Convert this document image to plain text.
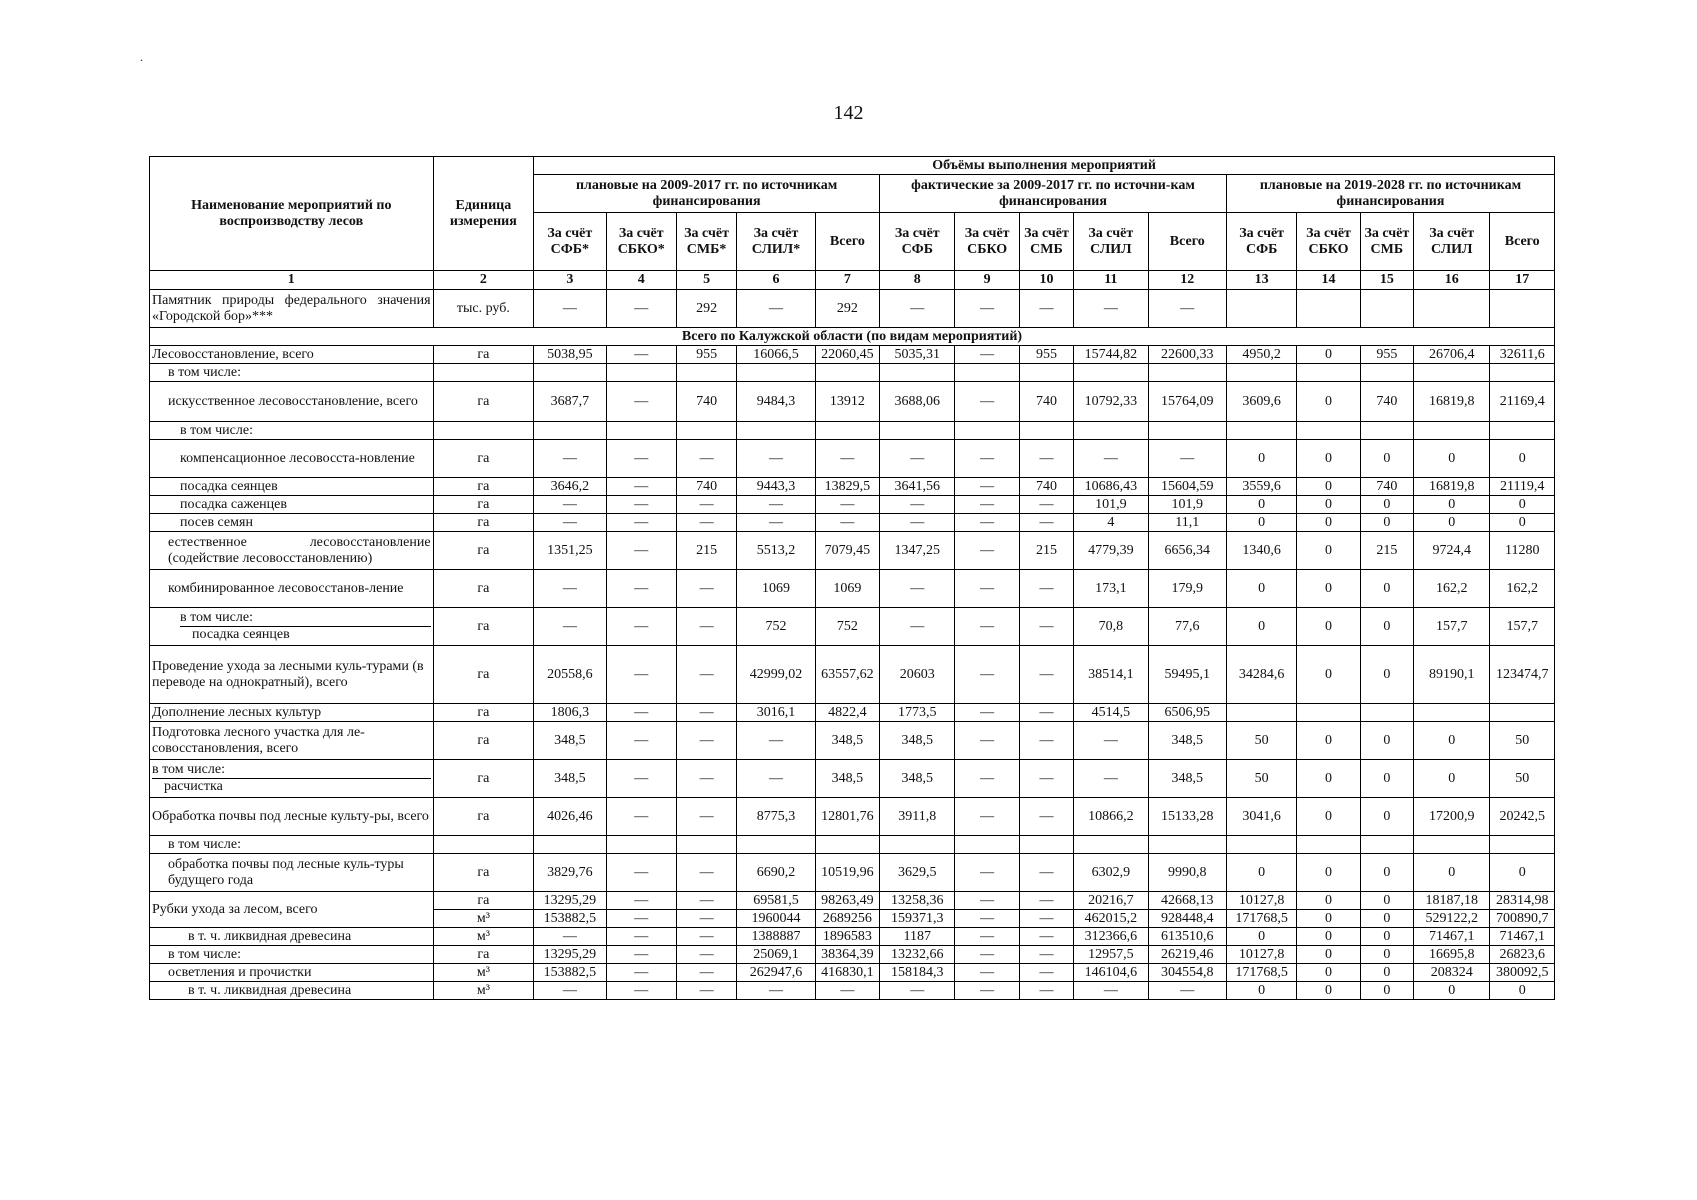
.
142
Наименование мероприятий по воспроизводству лесов	Единица измерения	Объёмы выполнения мероприятий														
		плановые на 2009-2017 гг. по источникам финансирования					фактические за 2009-2017 гг. по источни-кам финансирования					плановые на 2019-2028 гг. по источникам финансирования				
		За счёт СФБ*	За счёт СБКО*	За счёт СМБ*	За счёт СЛИЛ*	Всего	За счёт СФБ	За счёт СБКО	За счёт СМБ	За счёт СЛИЛ	Всего	За счёт СФБ	За счёт СБКО	За счёт СМБ	За счёт СЛИЛ	Всего
1	2	3	4	5	6	7	8	9	10	11	12	13	14	15	16	17
Памятник природы федерального значения «Городской бор»***	тыс. руб.	—	—	292	—	292	—	—	—	—	—					
Всего по Калужской области (по видам мероприятий)																

Лесовосстановление, всего	га	5038,95	—	955	16066,5	22060,45	5035,31	—	955	15744,82	22600,33	4950,2	0	955	26706,4	32611,6

в том числе:																

искусственное лесовосстановление, всего	га	3687,7	—	740	9484,3	13912	3688,06	—	740	10792,33	15764,09	3609,6	0	740	16819,8	21169,4

в том числе:																

компенсационное лесовосста-новление	га	—	—	—	—	—	—	—	—	—	—	0	0	0	0	0

посадка сеянцев	га	3646,2	—	740	9443,3	13829,5	3641,56	—	740	10686,43	15604,59	3559,6	0	740	16819,8	21119,4

посадка саженцев	га	—	—	—	—	—	—	—	—	101,9	101,9	0	0	0	0	0

посев семян	га	—	—	—	—	—	—	—	—	4	11,1	0	0	0	0	0

естественное лесовосстановление (содействие лесовосстановлению)	га	1351,25	—	215	5513,2	7079,45	1347,25	—	215	4779,39	6656,34	1340,6	0	215	9724,4	11280

комбинированное лесовосстанов-ление	га	—	—	—	1069	1069	—	—	—	173,1	179,9	0	0	0	162,2	162,2

в том числе:
посадка сеянцев	га	—	—	—	752	752	—	—	—	70,8	77,6	0	0	0	157,7	157,7

Проведение ухода за лесными куль-турами (в переводе на однократный), всего	га	20558,6	—	—	42999,02	63557,62	20603	—	—	38514,1	59495,1	34284,6	0	0	89190,1	123474,7

Дополнение лесных культур	га	1806,3	—	—	3016,1	4822,4	1773,5	—	—	4514,5	6506,95					

Подготовка лесного участка для ле-совосстановления, всего	га	348,5	—	—	—	348,5	348,5	—	—	—	348,5	50	0	0	0	50

в том числе:
расчистка	га	348,5	—	—	—	348,5	348,5	—	—	—	348,5	50	0	0	0	50

Обработка почвы под лесные культу-ры, всего	га	4026,46	—	—	8775,3	12801,76	3911,8	—	—	10866,2	15133,28	3041,6	0	0	17200,9	20242,5

в том числе:																

обработка почвы под лесные куль-туры будущего года	га	3829,76	—	—	6690,2	10519,96	3629,5	—	—	6302,9	9990,8	0	0	0	0	0
Рубки ухода за лесом, всего	га	13295,29	—	—	69581,5	98263,49	13258,36	—	—	20216,7	42668,13	10127,8	0	0	18187,18	28314,98
	м³	153882,5	—	—	1960044	2689256	159371,3	—	—	462015,2	928448,4	171768,5	0	0	529122,2	700890,7
в т. ч. ликвидная древесина	м³	—	—	—	1388887	1896583	1187	—	—	312366,6	613510,6	0	0	0	71467,1	71467,1
в том числе:	га	13295,29	—	—	25069,1	38364,39	13232,66	—	—	12957,5	26219,46	10127,8	0	0	16695,8	26823,6
осветления и прочистки	м³	153882,5	—	—	262947,6	416830,1	158184,3	—	—	146104,6	304554,8	171768,5	0	0	208324	380092,5
в т. ч. ликвидная древесина	м³	—	—	—	—	—	—	—	—	—	—	0	0	0	0	0
